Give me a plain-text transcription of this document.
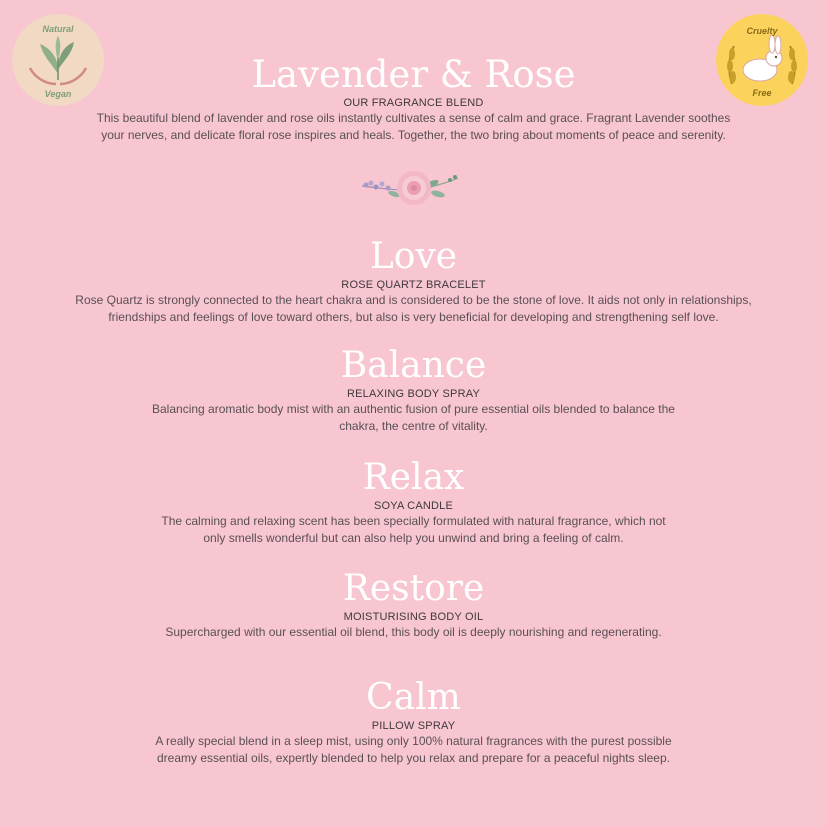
Natural
Vegan
Cruelty
Free
Lavender & Rose
OUR FRAGRANCE BLEND
This beautiful blend of lavender and rose oils instantly cultivates a sense of calm and grace. Fragrant Lavender soothes
your nerves, and delicate floral rose inspires and heals. Together, the two bring about moments of peace and serenity.
Love
ROSE QUARTZ BRACELET
Rose Quartz is strongly connected to the heart chakra and is considered to be the stone of love. It aids not only in relationships,
friendships and feelings of love toward others, but also is very beneficial for developing and strengthening self love.
Balance
RELAXING BODY SPRAY
Balancing aromatic body mist with an authentic fusion of pure essential oils blended to balance the
chakra, the centre of vitality.
Relax
SOYA CANDLE
The calming and relaxing scent has been specially formulated with natural fragrance, which not
only smells wonderful but can also help you unwind and bring a feeling of calm.
Restore
MOISTURISING BODY OIL
Supercharged with our essential oil blend, this body oil is deeply nourishing and regenerating.
Calm
PILLOW SPRAY
A really special blend in a sleep mist, using only 100% natural fragrances with the purest possible
dreamy essential oils, expertly blended to help you relax and prepare for a peaceful nights sleep.
